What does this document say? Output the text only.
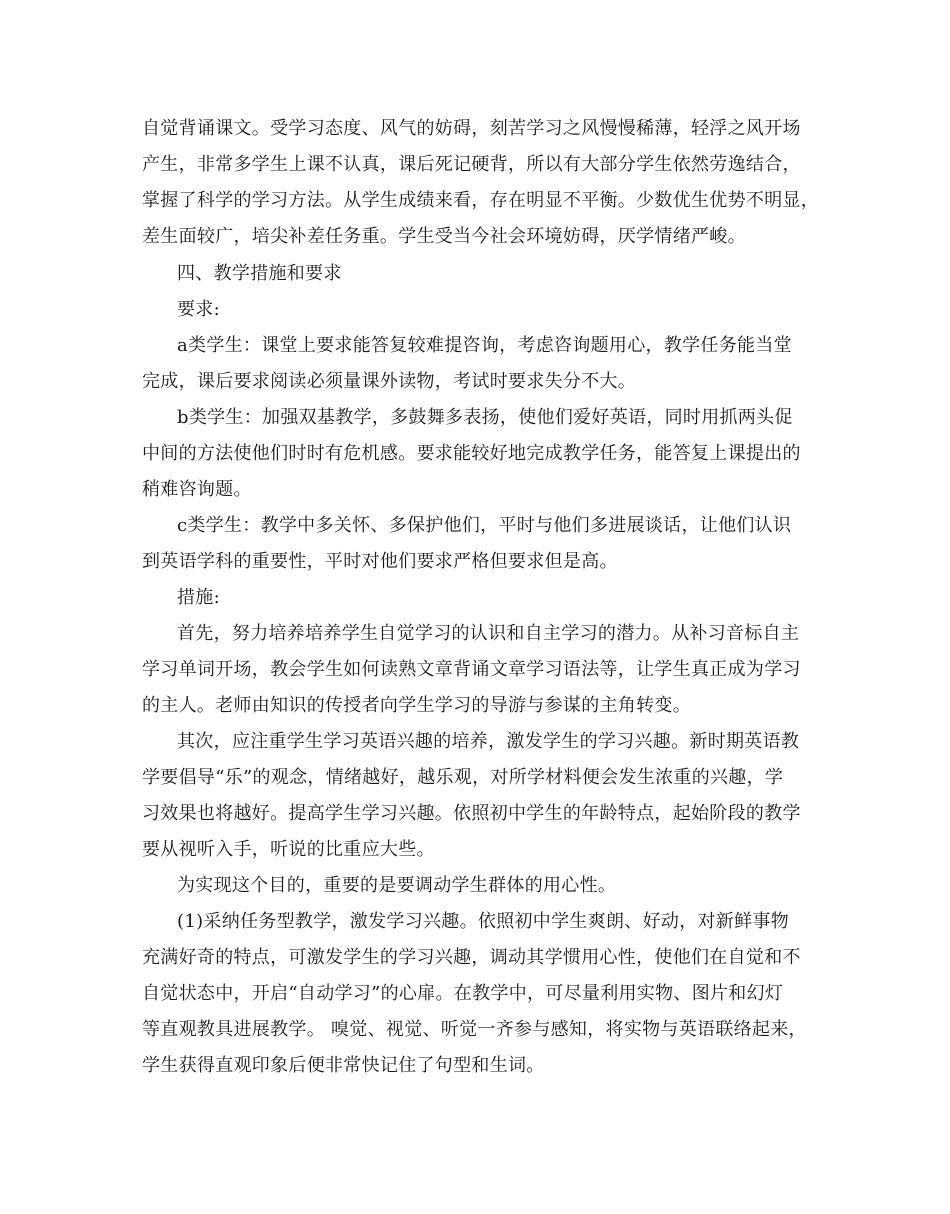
自觉背诵课文。受学习态度、风气的妨碍，刻苦学习之风慢慢稀薄，轻浮之风开场
产生，非常多学生上课不认真，课后死记硬背，所以有大部分学生依然劳逸结合，
掌握了科学的学习方法。从学生成绩来看，存在明显不平衡。少数优生优势不明显，
差生面较广，培尖补差任务重。学生受当今社会环境妨碍，厌学情绪严峻。
四、教学措施和要求
要求:
a类学生：课堂上要求能答复较难提咨询，考虑咨询题用心，教学任务能当堂
完成，课后要求阅读必须量课外读物，考试时要求失分不大。
b类学生：加强双基教学，多鼓舞多表扬，使他们爱好英语，同时用抓两头促
中间的方法使他们时时有危机感。要求能较好地完成教学任务，能答复上课提出的
稍难咨询题。
c类学生：教学中多关怀、多保护他们，平时与他们多进展谈话，让他们认识
到英语学科的重要性，平时对他们要求严格但要求但是高。
措施:
首先，努力培养培养学生自觉学习的认识和自主学习的潜力。从补习音标自主
学习单词开场，教会学生如何读熟文章背诵文章学习语法等，让学生真正成为学习
的主人。老师由知识的传授者向学生学习的导游与参谋的主角转变。
其次，应注重学生学习英语兴趣的培养，激发学生的学习兴趣。新时期英语教
学要倡导“乐”的观念，情绪越好，越乐观，对所学材料便会发生浓重的兴趣，学
习效果也将越好。提高学生学习兴趣。依照初中学生的年龄特点，起始阶段的教学
要从视听入手，听说的比重应大些。
为实现这个目的，重要的是要调动学生群体的用心性。
(1)采纳任务型教学，激发学习兴趣。依照初中学生爽朗、好动，对新鲜事物
充满好奇的特点，可激发学生的学习兴趣，调动其学惯用心性，使他们在自觉和不
自觉状态中，开启“自动学习”的心扉。在教学中，可尽量利用实物、图片和幻灯
等直观教具进展教学。 嗅觉、视觉、听觉一齐参与感知，将实物与英语联络起来，
学生获得直观印象后便非常快记住了句型和生词。
